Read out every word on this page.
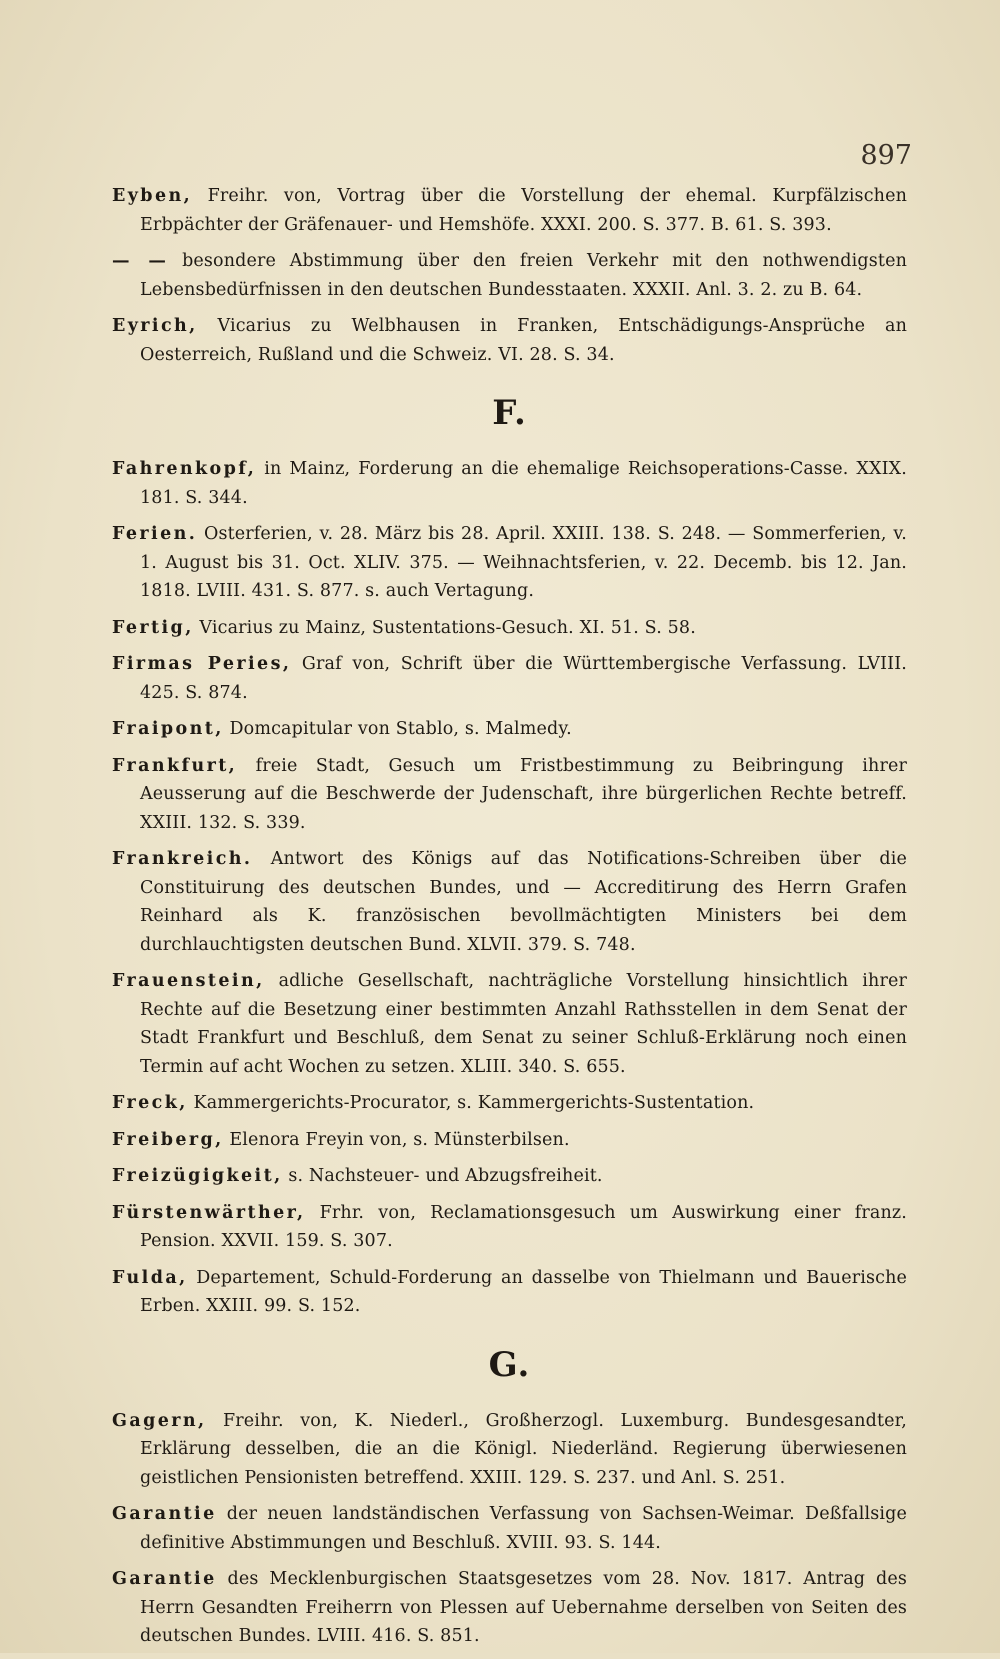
897

Eyben, Freihr. von, Vortrag über die Vorstellung der ehemal. Kurpfälzischen Erbpächter der Gräfenauer- und Hemshöfe. XXXI. 200. S. 377. B. 61. S. 393.

— — besondere Abstimmung über den freien Verkehr mit den nothwendigsten Lebensbedürfnissen in den deutschen Bundesstaaten. XXXII. Anl. 3. 2. zu B. 64.

Eyrich, Vicarius zu Welbhausen in Franken, Entschädigungs-Ansprüche an Oesterreich, Rußland und die Schweiz. VI. 28. S. 34.

F.

Fahrenkopf, in Mainz, Forderung an die ehemalige Reichsoperations-Casse. XXIX. 181. S. 344.

Ferien. Osterferien, v. 28. März bis 28. April. XXIII. 138. S. 248. — Sommerferien, v. 1. August bis 31. Oct. XLIV. 375. — Weihnachtsferien, v. 22. Decemb. bis 12. Jan. 1818. LVIII. 431. S. 877. s. auch Vertagung.

Fertig, Vicarius zu Mainz, Sustentations-Gesuch. XI. 51. S. 58.

Firmas Peries, Graf von, Schrift über die Württembergische Verfassung. LVIII. 425. S. 874.

Fraipont, Domcapitular von Stablo, s. Malmedy.

Frankfurt, freie Stadt, Gesuch um Fristbestimmung zu Beibringung ihrer Aeusserung auf die Beschwerde der Judenschaft, ihre bürgerlichen Rechte betreff. XXIII. 132. S. 339.

Frankreich. Antwort des Königs auf das Notifications-Schreiben über die Constituirung des deutschen Bundes, und — Accreditirung des Herrn Grafen Reinhard als K. französischen bevollmächtigten Ministers bei dem durchlauchtigsten deutschen Bund. XLVII. 379. S. 748.

Frauenstein, adliche Gesellschaft, nachträgliche Vorstellung hinsichtlich ihrer Rechte auf die Besetzung einer bestimmten Anzahl Rathsstellen in dem Senat der Stadt Frankfurt und Beschluß, dem Senat zu seiner Schluß-Erklärung noch einen Termin auf acht Wochen zu setzen. XLIII. 340. S. 655.

Freck, Kammergerichts-Procurator, s. Kammergerichts-Sustentation.

Freiberg, Elenora Freyin von, s. Münsterbilsen.

Freizügigkeit, s. Nachsteuer- und Abzugsfreiheit.

Fürstenwärther, Frhr. von, Reclamationsgesuch um Auswirkung einer franz. Pension. XXVII. 159. S. 307.

Fulda, Departement, Schuld-Forderung an dasselbe von Thielmann und Bauerische Erben. XXIII. 99. S. 152.

G.

Gagern, Freihr. von, K. Niederl., Großherzogl. Luxemburg. Bundesgesandter, Erklärung desselben, die an die Königl. Niederländ. Regierung überwiesenen geistlichen Pensionisten betreffend. XXIII. 129. S. 237. und Anl. S. 251.

Garantie der neuen landständischen Verfassung von Sachsen-Weimar. Deßfallsige definitive Abstimmungen und Beschluß. XVIII. 93. S. 144.

Garantie des Mecklenburgischen Staatsgesetzes vom 28. Nov. 1817. Antrag des Herrn Gesandten Freiherrn von Plessen auf Uebernahme derselben von Seiten des deutschen Bundes. LVIII. 416. S. 851.
